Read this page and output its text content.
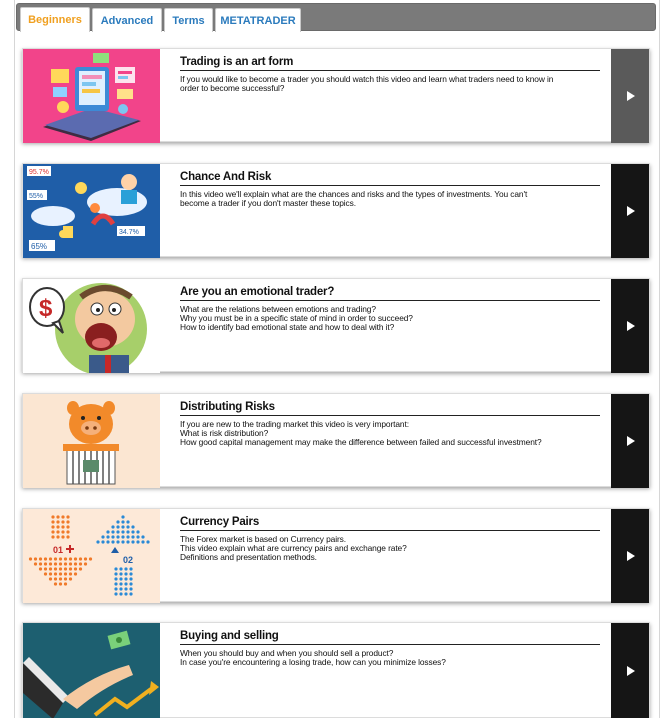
Beginners	Advanced	Terms	METATRADER
Trading is an art form
If you would like to become a trader you should watch this video and learn what traders need to know in
order to become successful?
95.7%
55%
34.7%
65%
Chance And Risk
In this video we'll explain what are the chances and risks and the types of investments. You can't
become a trader if you don't master these topics.
$
Are you an emotional trader?
What are the relations between emotions and trading?
Why you must be in a specific state of mind in order to succeed?
How to identify bad emotional state and how to deal with it?
Distributing Risks
If you are new to the trading market this video is very important:
What is risk distribution?
How good capital management may make the difference between failed and successful investment?
01
02
Currency Pairs
The Forex market is based on Currency pairs.
This video explain what are currency pairs and exchange rate?
Definitions and presentation methods.
Buying and selling
When you should buy and when you should sell a product?
In case you're encountering a losing trade, how can you minimize losses?
